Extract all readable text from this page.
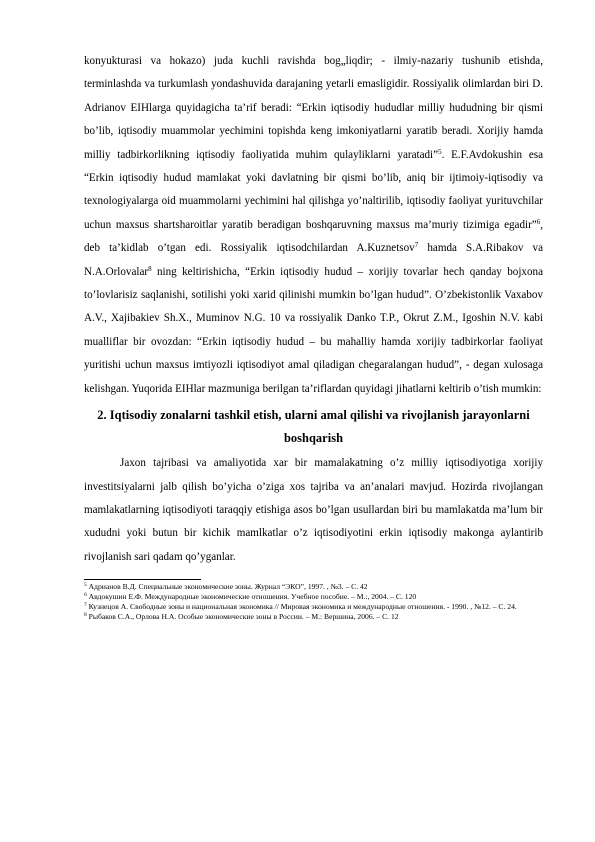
konyukturasi va hokazo) juda kuchli ravishda bog„liqdir; - ilmiy-nazariy tushunib etishda, terminlashda va turkumlash yondashuvida darajaning yetarli emasligidir. Rossiyalik olimlardan biri D. Adrianov EIHlarga quyidagicha ta’rif beradi: “Erkin iqtisodiy hududlar milliy hududning bir qismi bo’lib, iqtisodiy muammolar yechimini topishda keng imkoniyatlarni yaratib beradi. Xorijiy hamda milliy tadbirkorlikning iqtisodiy faoliyatida muhim qulayliklarni yaratadi”$^5$. E.F.Avdokushin esa “Erkin iqtisodiy hudud mamlakat yoki davlatning bir qismi bo’lib, aniq bir ijtimoiy-iqtisodiy va texnologiyalarga oid muammolarni yechimini hal qilishga yo’naltirilib, iqtisodiy faoliyat yurituvchilar uchun maxsus shartsharoitlar yaratib beradigan boshqaruvning maxsus ma’muriy tizimiga egadir”$^6$, deb ta’kidlab o’tgan edi. Rossiyalik iqtisodchilardan A.Kuznetsov$^7$ hamda S.A.Ribakov va N.A.Orlovalar$^8$ ning keltirishicha, “Erkin iqtisodiy hudud – xorijiy tovarlar hech qanday bojxona to’lovlarisiz saqlanishi, sotilishi yoki xarid qilinishi mumkin bo’lgan hudud”. O’zbekistonlik Vaxabov A.V., Xajibakiev Sh.X., Muminov N.G. 10 va rossiyalik Danko T.P., Okrut Z.M., Igoshin N.V. kabi mualliflar bir ovozdan: “Erkin iqtisodiy hudud – bu mahalliy hamda xorijiy tadbirkorlar faoliyat yuritishi uchun maxsus imtiyozli iqtisodiyot amal qiladigan chegaralangan hudud”, - degan xulosaga kelishgan. Yuqorida EIHlar mazmuniga berilgan ta’riflardan quyidagi jihatlarni keltirib o’tish mumkin:

2. Iqtisodiy zonalarni tashkil etish, ularni amal qilishi va rivojlanish jarayonlarni boshqarish

Jaxon tajribasi va amaliyotida xar bir mamalakatning o’z milliy iqtisodiyotiga xorijiy investitsiyalarni jalb qilish bo’yicha o’ziga xos tajriba va an’analari mavjud. Hozirda rivojlangan mamlakatlarning iqtisodiyoti taraqqiy etishiga asos bo’lgan usullardan biri bu mamlakatda ma’lum bir xududni yoki butun bir kichik mamlkatlar o’z iqtisodiyotini erkin iqtisodiy makonga aylantirib rivojlanish sari qadam qo’yganlar.

$^5$ Адрианов В.Д. Специальные экономические зоны. Журнал “ЭКО”, 1997. , №3. – С. 42

$^6$ Авдокушин Е.Ф. Международные экономические отношения. Учебное пособие. – М.:, 2004. – С. 120

$^7$ Кузнецов А. Свободные зоны и национальная экономика // Мировая экономика и международные отношения. - 1990. , №12. – С. 24.

$^8$ Рыбаков С.А., Орлова Н.А. Особые экономические зоны в России. – М.: Вершина, 2006. – С. 12
